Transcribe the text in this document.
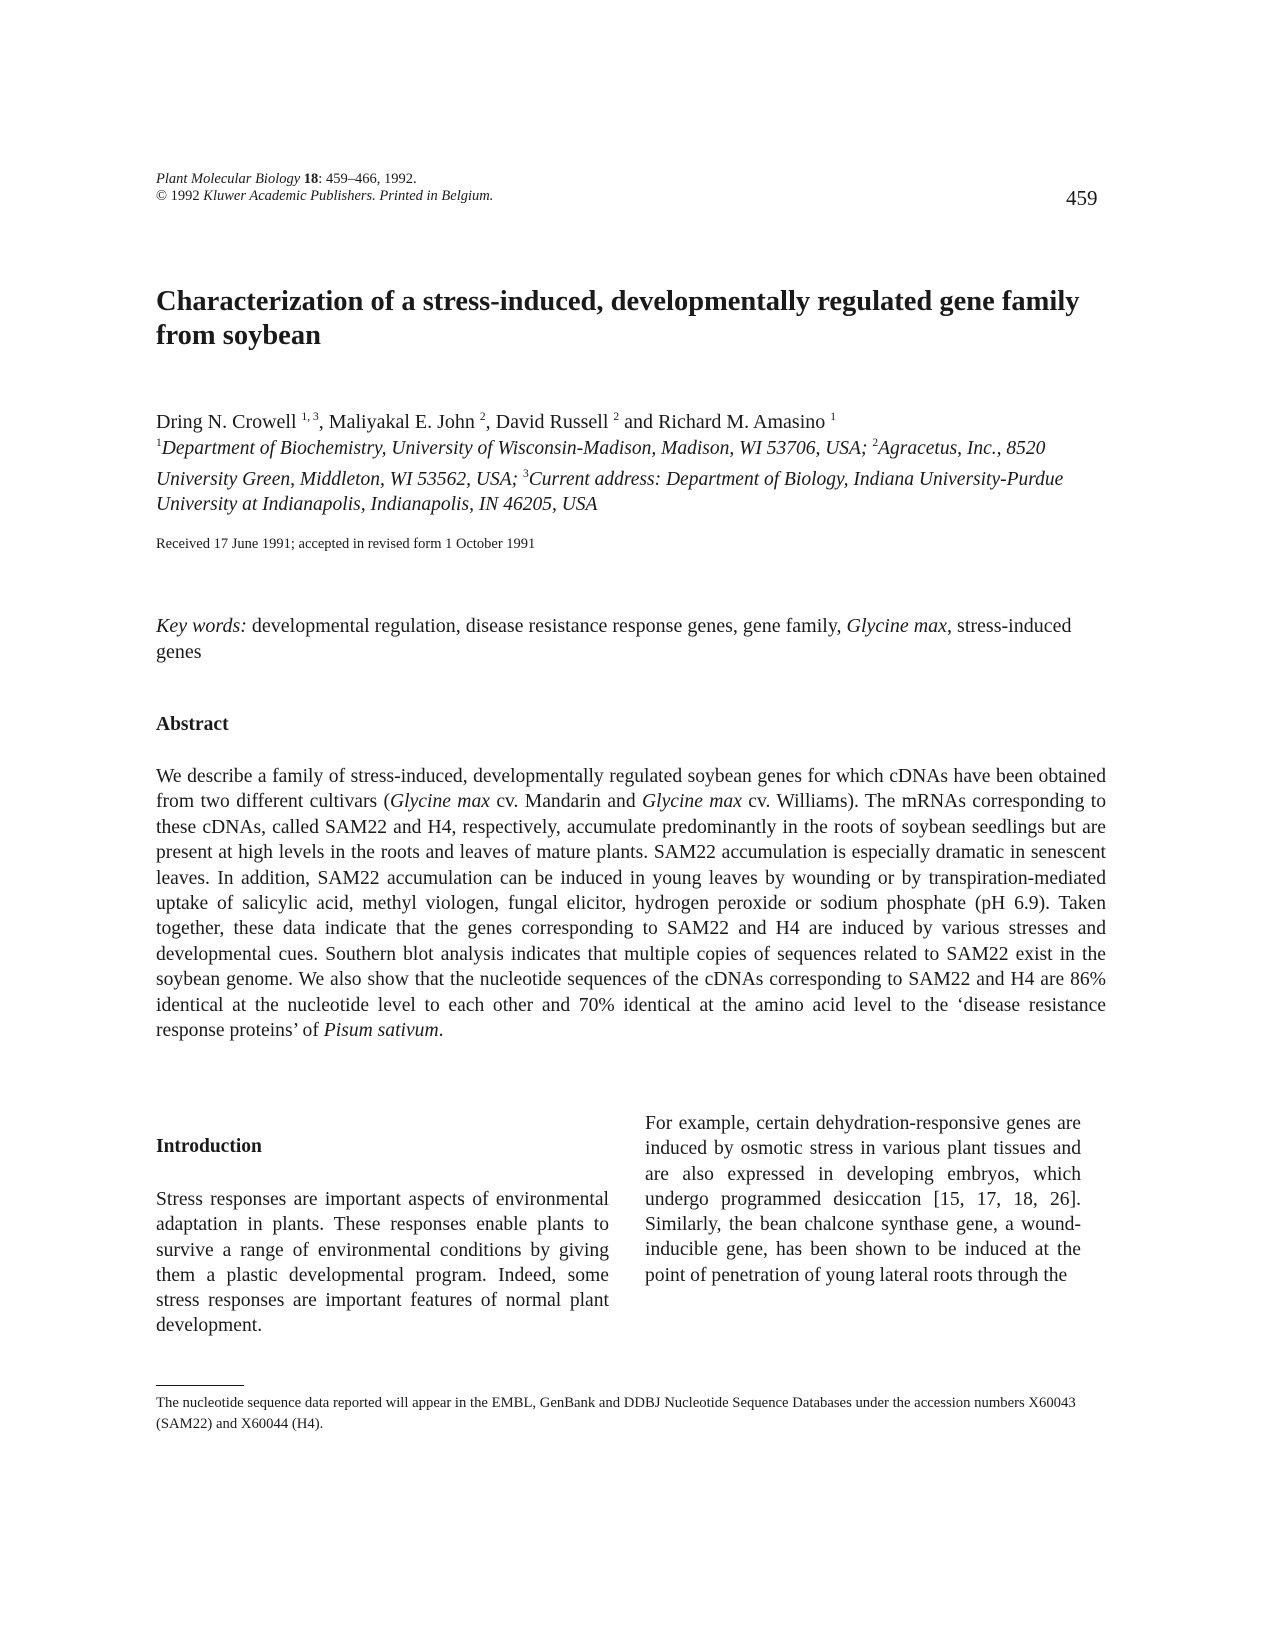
Plant Molecular Biology 18: 459–466, 1992.
© 1992 Kluwer Academic Publishers. Printed in Belgium.	459
Characterization of a stress-induced, developmentally regulated gene family from soybean
Dring N. Crowell $^{1, 3}$, Maliyakal E. John $^2$, David Russell $^2$ and Richard M. Amasino $^1$
$^1$Department of Biochemistry, University of Wisconsin-Madison, Madison, WI 53706, USA; $^2$Agracetus, Inc., 8520 University Green, Middleton, WI 53562, USA; $^3$Current address: Department of Biology, Indiana University-Purdue University at Indianapolis, Indianapolis, IN 46205, USA
Received 17 June 1991; accepted in revised form 1 October 1991
Key words: developmental regulation, disease resistance response genes, gene family, Glycine max, stress-induced genes
Abstract

We describe a family of stress-induced, developmentally regulated soybean genes for which cDNAs have been obtained from two different cultivars (Glycine max cv. Mandarin and Glycine max cv. Williams). The mRNAs corresponding to these cDNAs, called SAM22 and H4, respectively, accumulate predominantly in the roots of soybean seedlings but are present at high levels in the roots and leaves of mature plants. SAM22 accumulation is especially dramatic in senescent leaves. In addition, SAM22 accumulation can be induced in young leaves by wounding or by transpiration-mediated uptake of salicylic acid, methyl viologen, fungal elicitor, hydrogen peroxide or sodium phosphate (pH 6.9). Taken together, these data indicate that the genes corresponding to SAM22 and H4 are induced by various stresses and developmental cues. Southern blot analysis indicates that multiple copies of sequences related to SAM22 exist in the soybean genome. We also show that the nucleotide sequences of the cDNAs corresponding to SAM22 and H4 are 86% identical at the nucleotide level to each other and 70% identical at the amino acid level to the ‘disease resistance response proteins’ of Pisum sativum.

Introduction

Stress responses are important aspects of environmental adaptation in plants. These responses enable plants to survive a range of environmental conditions by giving them a plastic developmental program. Indeed, some stress responses are important features of normal plant development.

For example, certain dehydration-responsive genes are induced by osmotic stress in various plant tissues and are also expressed in developing embryos, which undergo programmed desiccation [15, 17, 18, 26]. Similarly, the bean chalcone synthase gene, a wound-inducible gene, has been shown to be induced at the point of penetration of young lateral roots through the

The nucleotide sequence data reported will appear in the EMBL, GenBank and DDBJ Nucleotide Sequence Databases under the accession numbers X60043 (SAM22) and X60044 (H4).
